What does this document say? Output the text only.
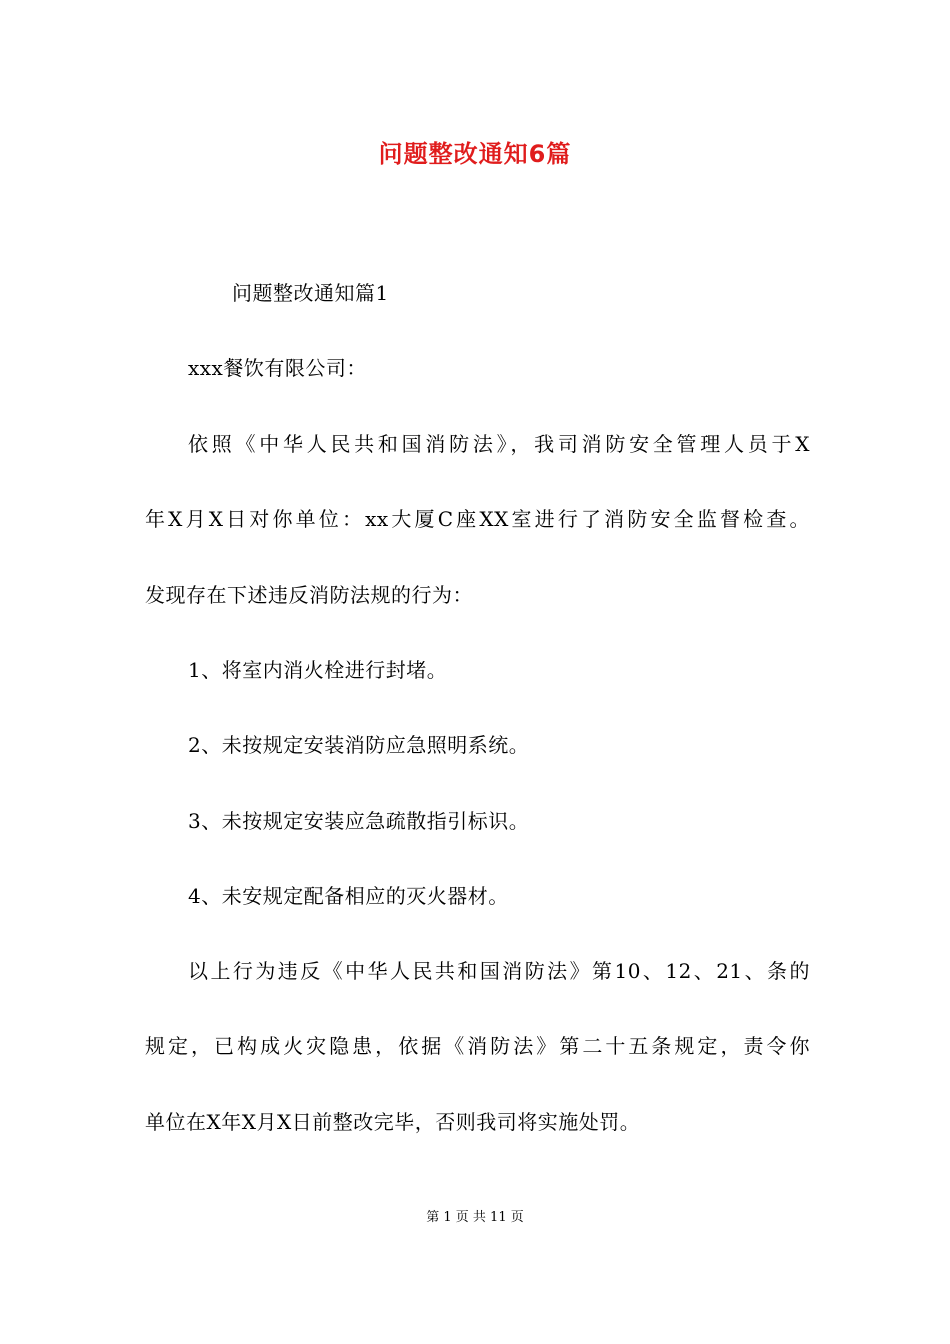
问题整改通知6篇
问题整改通知篇1
xxx餐饮有限公司：
依照《中华人民共和国消防法》，我司消防安全管理人员于X
年X月X日对你单位：xx大厦C座XX室进行了消防安全监督检查。
发现存在下述违反消防法规的行为：
1、将室内消火栓进行封堵。
2、未按规定安装消防应急照明系统。
3、未按规定安装应急疏散指引标识。
4、未安规定配备相应的灭火器材。
以上行为违反《中华人民共和国消防法》第10、12、21、条的
规定，已构成火灾隐患，依据《消防法》第二十五条规定，责令你
单位在X年X月X日前整改完毕，否则我司将实施处罚。
第 1 页 共 11 页
